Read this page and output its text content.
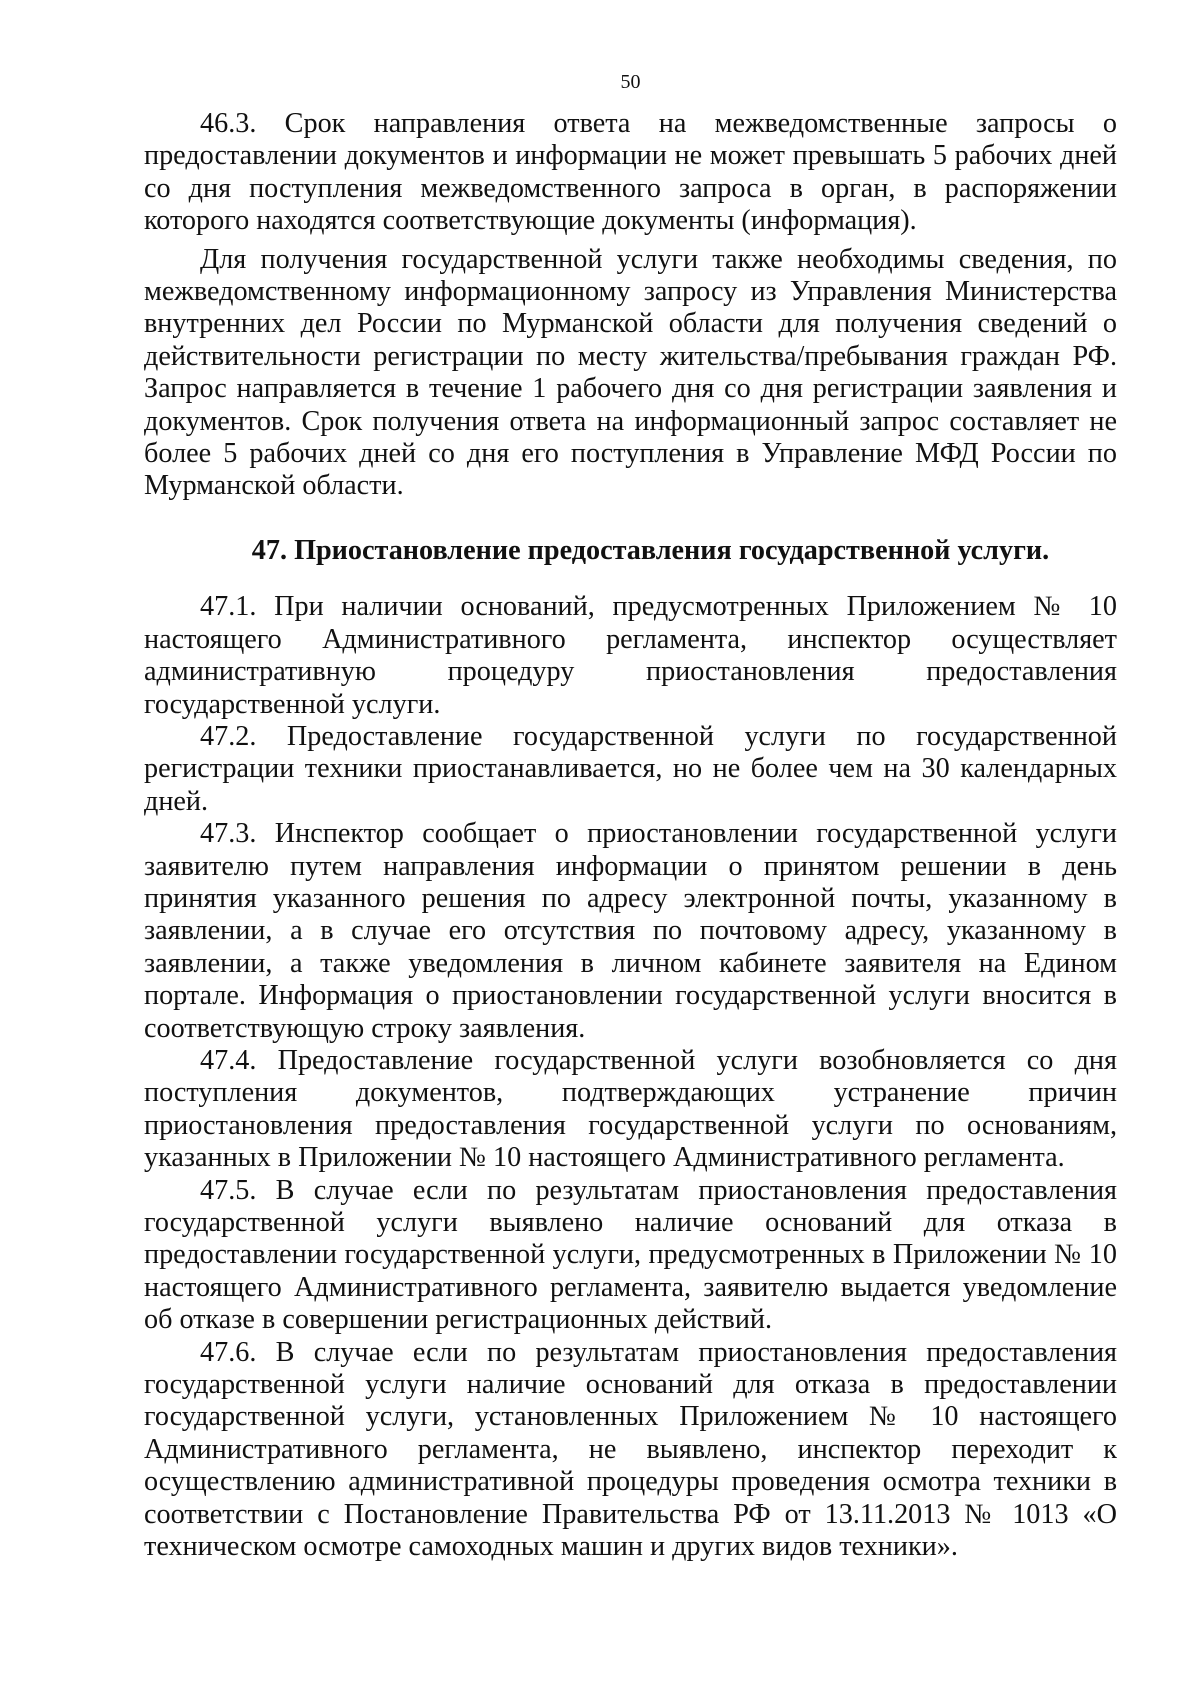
50

46.3. Срок направления ответа на межведомственные запросы о предоставлении документов и информации не может превышать 5 рабочих дней со дня поступления межведомственного запроса в орган, в распоряжении которого находятся соответствующие документы (информация).

Для получения государственной услуги также необходимы сведения, по межведомственному информационному запросу из Управления Министерства внутренних дел России по Мурманской области для получения сведений о действительности регистрации по месту жительства/пребывания граждан РФ. Запрос направляется в течение 1 рабочего дня со дня регистрации заявления и документов. Срок получения ответа на информационный запрос составляет не более 5 рабочих дней со дня его поступления в Управление МФД России по Мурманской области.

47. Приостановление предоставления государственной услуги.

47.1. При наличии оснований, предусмотренных Приложением № 10 настоящего Административного регламента, инспектор осуществляет административную процедуру приостановления предоставления государственной услуги.

47.2. Предоставление государственной услуги по государственной регистрации техники приостанавливается, но не более чем на 30 календарных дней.

47.3. Инспектор сообщает о приостановлении государственной услуги заявителю путем направления информации о принятом решении в день принятия указанного решения по адресу электронной почты, указанному в заявлении, а в случае его отсутствия по почтовому адресу, указанному в заявлении, а также уведомления в личном кабинете заявителя на Едином портале. Информация о приостановлении государственной услуги вносится в соответствующую строку заявления.

47.4. Предоставление государственной услуги возобновляется со дня поступления документов, подтверждающих устранение причин приостановления предоставления государственной услуги по основаниям, указанных в Приложении № 10 настоящего Административного регламента.

47.5. В случае если по результатам приостановления предоставления государственной услуги выявлено наличие оснований для отказа в предоставлении государственной услуги, предусмотренных в Приложении № 10 настоящего Административного регламента, заявителю выдается уведомление об отказе в совершении регистрационных действий.

47.6. В случае если по результатам приостановления предоставления государственной услуги наличие оснований для отказа в предоставлении государственной услуги, установленных Приложением № 10 настоящего Административного регламента, не выявлено, инспектор переходит к осуществлению административной процедуры проведения осмотра техники в соответствии с Постановление Правительства РФ от 13.11.2013 № 1013 «О техническом осмотре самоходных машин и других видов техники».
